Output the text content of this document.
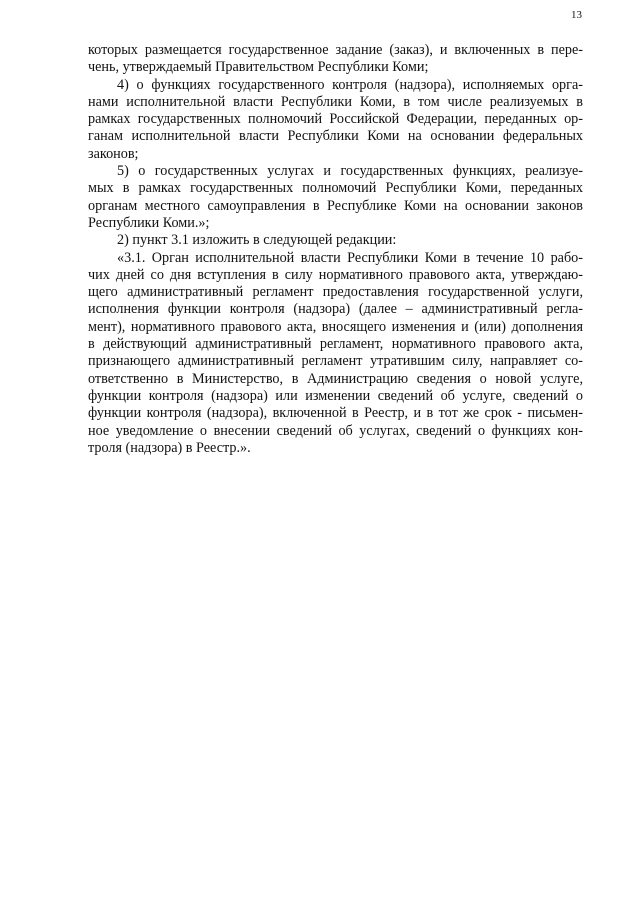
13
которых размещается государственное задание (заказ), и включенных в пере-
чень, утверждаемый Правительством Республики Коми;
4) о функциях государственного контроля (надзора), исполняемых орга-
нами исполнительной власти Республики Коми, в том числе реализуемых в
рамках государственных полномочий Российской Федерации, переданных ор-
ганам исполнительной власти Республики Коми на основании федеральных
законов;
5) о государственных услугах и государственных функциях, реализуе-
мых в рамках государственных полномочий Республики Коми, переданных
органам местного самоуправления в Республике Коми на основании законов
Республики Коми.»;
2) пункт 3.1 изложить в следующей редакции:
«3.1. Орган исполнительной власти Республики Коми в течение 10 рабо-
чих дней со дня вступления в силу нормативного правового акта, утверждаю-
щего административный регламент предоставления государственной услуги,
исполнения функции контроля (надзора) (далее – административный регла-
мент), нормативного правового акта, вносящего изменения и (или) дополнения
в действующий административный регламент, нормативного правового акта,
признающего административный регламент утратившим силу, направляет со-
ответственно в Министерство, в Администрацию сведения о новой услуге,
функции контроля (надзора) или изменении сведений об услуге, сведений о
функции контроля (надзора), включенной в Реестр, и в тот же срок - письмен-
ное уведомление о внесении сведений об услугах, сведений о функциях кон-
троля (надзора) в Реестр.».
